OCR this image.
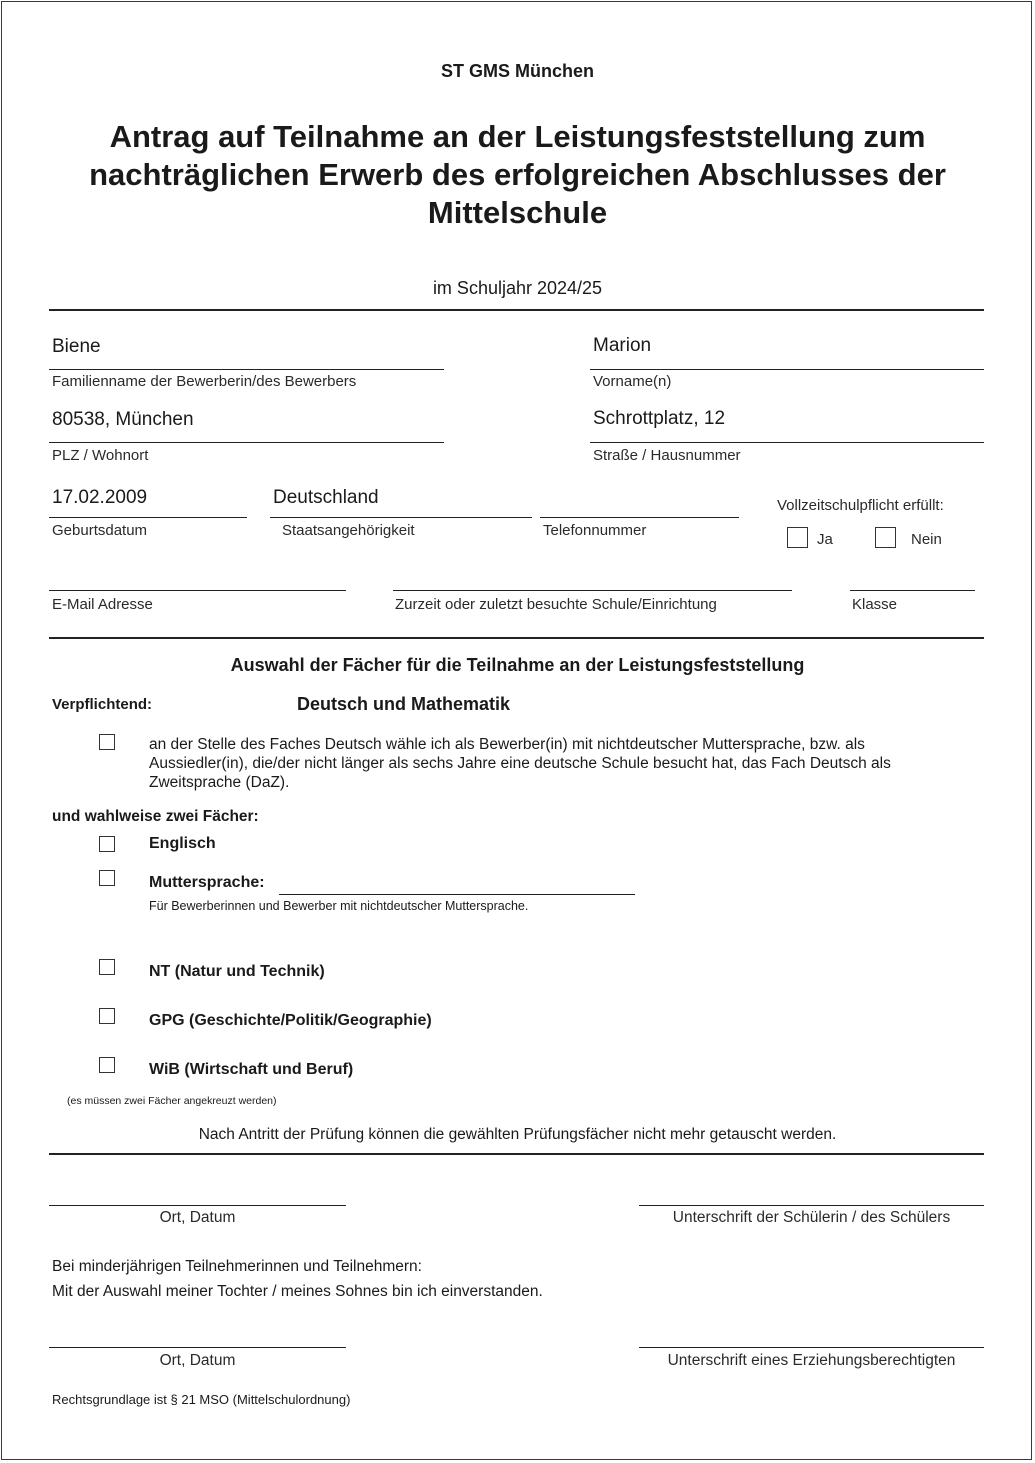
ST GMS München
Antrag auf Teilnahme an der Leistungsfeststellung zum nachträglichen Erwerb des erfolgreichen Abschlusses der Mittelschule
im Schuljahr 2024/25
Biene
Familienname der Bewerberin/des Bewerbers
Marion
Vorname(n)
80538, München
PLZ / Wohnort
Schrottplatz, 12
Straße / Hausnummer
17.02.2009
Geburtsdatum
Deutschland
Staatsangehörigkeit	Telefonnummer
Vollzeitschulpflicht erfüllt:
Ja	Nein
E-Mail Adresse	Zurzeit oder zuletzt besuchte Schule/Einrichtung	Klasse
Auswahl der Fächer für die Teilnahme an der Leistungsfeststellung
Verpflichtend:	Deutsch und Mathematik
an der Stelle des Faches Deutsch wähle ich als Bewerber(in) mit nichtdeutscher Muttersprache, bzw. als Aussiedler(in), die/der nicht länger als sechs Jahre eine deutsche Schule besucht hat, das Fach Deutsch als Zweitsprache (DaZ).
und wahlweise zwei Fächer:
Englisch
Muttersprache:
Für Bewerberinnen und Bewerber mit nichtdeutscher Muttersprache.
NT (Natur und Technik)
GPG (Geschichte/Politik/Geographie)
WiB (Wirtschaft und Beruf)
(es müssen zwei Fächer angekreuzt werden)
Nach Antritt der Prüfung können die gewählten Prüfungsfächer nicht mehr getauscht werden.
Ort, Datum	Unterschrift der Schülerin / des Schülers
Bei minderjährigen Teilnehmerinnen und Teilnehmern:
Mit der Auswahl meiner Tochter / meines Sohnes bin ich einverstanden.
Ort, Datum	Unterschrift eines Erziehungsberechtigten
Rechtsgrundlage ist § 21 MSO (Mittelschulordnung)
